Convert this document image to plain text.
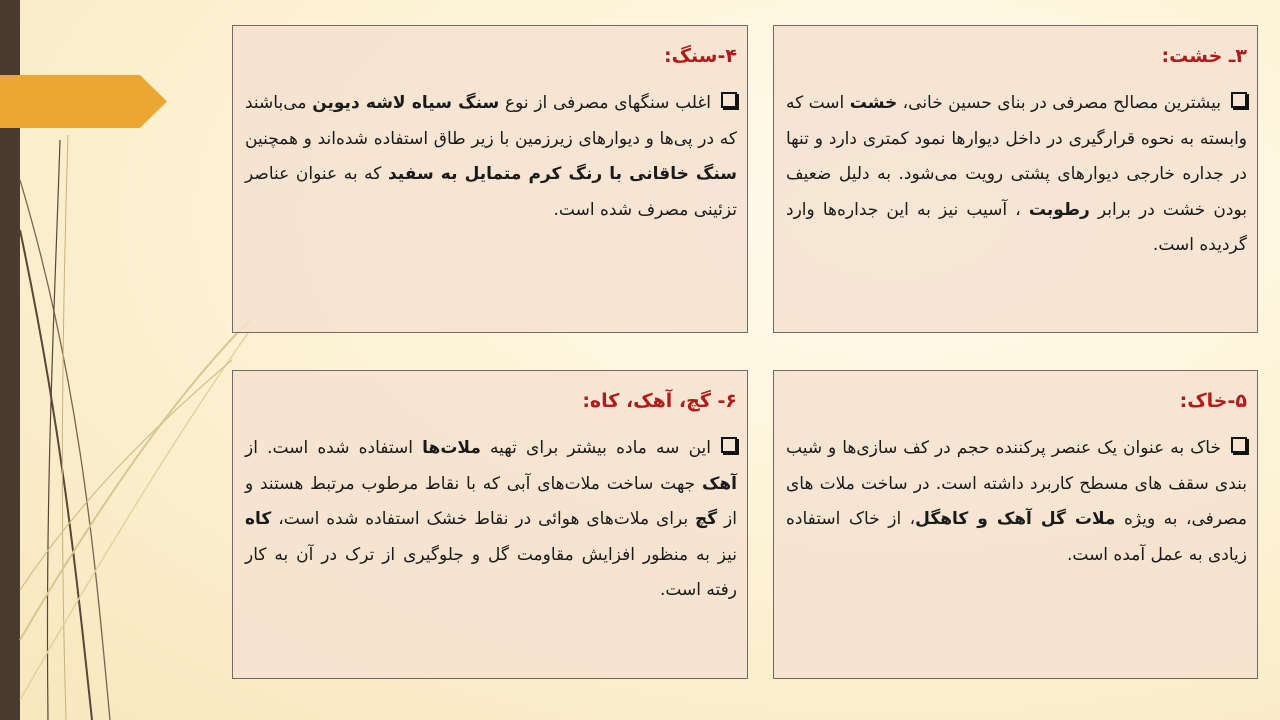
۳ـ خشت:

بیشترین مصالح مصرفی در بنای حسین خانی، خشت است که وابسته به نحوه قرارگیری در داخل دیوارها نمود کمتری دارد و تنها در جداره خارجی دیوارهای پشتی رویت می‌شود. به دلیل ضعیف بودن خشت در برابر رطوبت ، آسیب نیز به این جداره‌ها وارد گردیده است.

۴-سنگ:

اغلب سنگهای مصرفی از نوع سنگ سیاه لاشه دیوین می‌باشند که در پی‌ها و دیوارهای زیرزمین با زیر طاق استفاده شده‌اند و همچنین سنگ خاقانی با رنگ کرم متمایل به سفید که به عنوان عناصر تزئینی مصرف شده است.

۵-خاک:

خاک به عنوان یک عنصر پرکننده حجم در کف سازی‌ها و شیب بندی سقف های مسطح کاربرد داشته است. در ساخت ملات های مصرفی، به ویژه ملات گل آهک و کاهگل، از خاک استفاده زیادی به عمل آمده است.

۶- گچ، آهک، کاه:

این سه ماده بیشتر برای تهیه ملات‌ها استفاده شده است. از آهک جهت ساخت ملات‌های آبی که با نقاط مرطوب مرتبط هستند و از گچ برای ملات‌های هوائی در نقاط خشک استفاده شده است، کاه نیز به منظور افزایش مقاومت گل و جلوگیری از ترک در آن به کار رفته است.
